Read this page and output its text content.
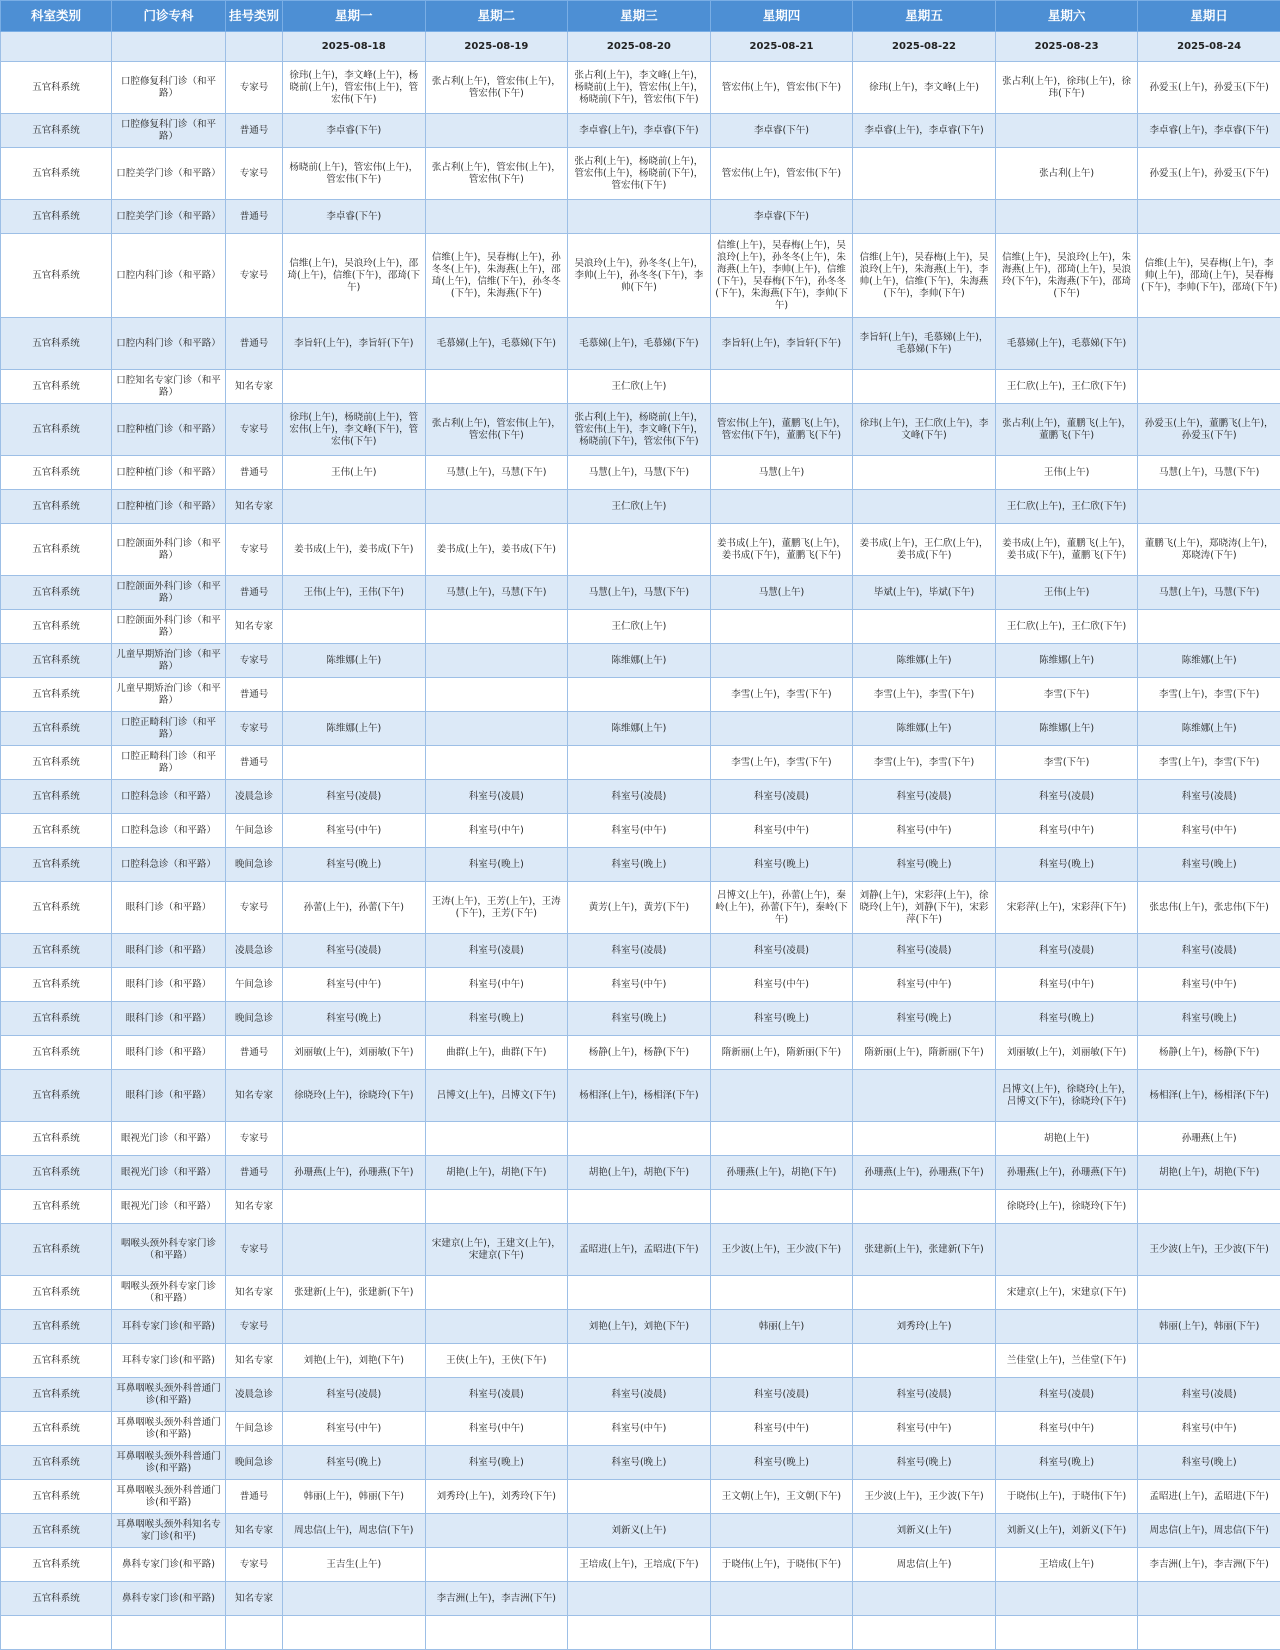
科室类别	门诊专科	挂号类别	星期一	星期二	星期三	星期四	星期五	星期六	星期日
			2025-08-18	2025-08-19	2025-08-20	2025-08-21	2025-08-22	2025-08-23	2025-08-24
五官科系统	口腔修复科门诊（和平路）	专家号	徐玮(上午)，李文峰(上午)，杨晓前(上午)，管宏伟(上午)，管宏伟(下午)	张占利(上午)，管宏伟(上午)，管宏伟(下午)	张占利(上午)，李文峰(上午)，杨晓前(上午)，管宏伟(上午)，杨晓前(下午)，管宏伟(下午)	管宏伟(上午)，管宏伟(下午)	徐玮(上午)，李文峰(上午)	张占利(上午)，徐玮(上午)，徐玮(下午)	孙爱玉(上午)，孙爱玉(下午)
五官科系统	口腔修复科门诊（和平路）	普通号	李卓睿(下午)		李卓睿(上午)，李卓睿(下午)	李卓睿(下午)	李卓睿(上午)，李卓睿(下午)		李卓睿(上午)，李卓睿(下午)
五官科系统	口腔美学门诊（和平路）	专家号	杨晓前(上午)，管宏伟(上午)，管宏伟(下午)	张占利(上午)，管宏伟(上午)，管宏伟(下午)	张占利(上午)，杨晓前(上午)，管宏伟(上午)，杨晓前(下午)，管宏伟(下午)	管宏伟(上午)，管宏伟(下午)		张占利(上午)	孙爱玉(上午)，孙爱玉(下午)
五官科系统	口腔美学门诊（和平路）	普通号	李卓睿(下午)			李卓睿(下午)			
五官科系统	口腔内科门诊（和平路）	专家号	信维(上午)，吴浪玲(上午)，邵琦(上午)，信维(下午)，邵琦(下午)	信维(上午)，吴春梅(上午)，孙冬冬(上午)，朱海燕(上午)，邵琦(上午)，信维(下午)，孙冬冬(下午)，朱海燕(下午)	吴浪玲(上午)，孙冬冬(上午)，李帅(上午)，孙冬冬(下午)，李帅(下午)	信维(上午)，吴春梅(上午)，吴浪玲(上午)，孙冬冬(上午)，朱海燕(上午)，李帅(上午)，信维(下午)，吴春梅(下午)，孙冬冬(下午)，朱海燕(下午)，李帅(下午)	信维(上午)，吴春梅(上午)，吴浪玲(上午)，朱海燕(上午)，李帅(上午)，信维(下午)，朱海燕(下午)，李帅(下午)	信维(上午)，吴浪玲(上午)，朱海燕(上午)，邵琦(上午)，吴浪玲(下午)，朱海燕(下午)，邵琦(下午)	信维(上午)，吴春梅(上午)，李帅(上午)，邵琦(上午)，吴春梅(下午)，李帅(下午)，邵琦(下午)
五官科系统	口腔内科门诊（和平路）	普通号	李旨轩(上午)，李旨轩(下午)	毛慕娣(上午)，毛慕娣(下午)	毛慕娣(上午)，毛慕娣(下午)	李旨轩(上午)，李旨轩(下午)	李旨轩(上午)，毛慕娣(上午)，毛慕娣(下午)	毛慕娣(上午)，毛慕娣(下午)	
五官科系统	口腔知名专家门诊（和平路）	知名专家			王仁欣(上午)			王仁欣(上午)，王仁欣(下午)	
五官科系统	口腔种植门诊（和平路）	专家号	徐玮(上午)，杨晓前(上午)，管宏伟(上午)，李文峰(下午)，管宏伟(下午)	张占利(上午)，管宏伟(上午)，管宏伟(下午)	张占利(上午)，杨晓前(上午)，管宏伟(上午)，李文峰(下午)，杨晓前(下午)，管宏伟(下午)	管宏伟(上午)，董鹏飞(上午)，管宏伟(下午)，董鹏飞(下午)	徐玮(上午)，王仁欣(上午)，李文峰(下午)	张占利(上午)，董鹏飞(上午)，董鹏飞(下午)	孙爱玉(上午)，董鹏飞(上午)，孙爱玉(下午)
五官科系统	口腔种植门诊（和平路）	普通号	王伟(上午)	马慧(上午)，马慧(下午)	马慧(上午)，马慧(下午)	马慧(上午)		王伟(上午)	马慧(上午)，马慧(下午)
五官科系统	口腔种植门诊（和平路）	知名专家			王仁欣(上午)			王仁欣(上午)，王仁欣(下午)	
五官科系统	口腔颌面外科门诊（和平路）	专家号	姜书成(上午)，姜书成(下午)	姜书成(上午)，姜书成(下午)		姜书成(上午)，董鹏飞(上午)，姜书成(下午)，董鹏飞(下午)	姜书成(上午)，王仁欣(上午)，姜书成(下午)	姜书成(上午)，董鹏飞(上午)，姜书成(下午)，董鹏飞(下午)	董鹏飞(上午)，郑晓涛(上午)，郑晓涛(下午)
五官科系统	口腔颌面外科门诊（和平路）	普通号	王伟(上午)，王伟(下午)	马慧(上午)，马慧(下午)	马慧(上午)，马慧(下午)	马慧(上午)	毕斌(上午)，毕斌(下午)	王伟(上午)	马慧(上午)，马慧(下午)
五官科系统	口腔颌面外科门诊（和平路）	知名专家			王仁欣(上午)			王仁欣(上午)，王仁欣(下午)	
五官科系统	儿童早期矫治门诊（和平路）	专家号	陈维娜(上午)		陈维娜(上午)		陈维娜(上午)	陈维娜(上午)	陈维娜(上午)
五官科系统	儿童早期矫治门诊（和平路）	普通号				李雪(上午)，李雪(下午)	李雪(上午)，李雪(下午)	李雪(下午)	李雪(上午)，李雪(下午)
五官科系统	口腔正畸科门诊（和平路）	专家号	陈维娜(上午)		陈维娜(上午)		陈维娜(上午)	陈维娜(上午)	陈维娜(上午)
五官科系统	口腔正畸科门诊（和平路）	普通号				李雪(上午)，李雪(下午)	李雪(上午)，李雪(下午)	李雪(下午)	李雪(上午)，李雪(下午)
五官科系统	口腔科急诊（和平路）	凌晨急诊	科室号(凌晨)	科室号(凌晨)	科室号(凌晨)	科室号(凌晨)	科室号(凌晨)	科室号(凌晨)	科室号(凌晨)
五官科系统	口腔科急诊（和平路）	午间急诊	科室号(中午)	科室号(中午)	科室号(中午)	科室号(中午)	科室号(中午)	科室号(中午)	科室号(中午)
五官科系统	口腔科急诊（和平路）	晚间急诊	科室号(晚上)	科室号(晚上)	科室号(晚上)	科室号(晚上)	科室号(晚上)	科室号(晚上)	科室号(晚上)
五官科系统	眼科门诊（和平路）	专家号	孙蕾(上午)，孙蕾(下午)	王涛(上午)，王芳(上午)，王涛(下午)，王芳(下午)	黄芳(上午)，黄芳(下午)	吕博文(上午)，孙蕾(上午)，秦岭(上午)，孙蕾(下午)，秦岭(下午)	刘静(上午)，宋彩萍(上午)，徐晓玲(上午)，刘静(下午)，宋彩萍(下午)	宋彩萍(上午)，宋彩萍(下午)	张忠伟(上午)，张忠伟(下午)
五官科系统	眼科门诊（和平路）	凌晨急诊	科室号(凌晨)	科室号(凌晨)	科室号(凌晨)	科室号(凌晨)	科室号(凌晨)	科室号(凌晨)	科室号(凌晨)
五官科系统	眼科门诊（和平路）	午间急诊	科室号(中午)	科室号(中午)	科室号(中午)	科室号(中午)	科室号(中午)	科室号(中午)	科室号(中午)
五官科系统	眼科门诊（和平路）	晚间急诊	科室号(晚上)	科室号(晚上)	科室号(晚上)	科室号(晚上)	科室号(晚上)	科室号(晚上)	科室号(晚上)
五官科系统	眼科门诊（和平路）	普通号	刘丽敏(上午)，刘丽敏(下午)	曲群(上午)，曲群(下午)	杨静(上午)，杨静(下午)	隋新丽(上午)，隋新丽(下午)	隋新丽(上午)，隋新丽(下午)	刘丽敏(上午)，刘丽敏(下午)	杨静(上午)，杨静(下午)
五官科系统	眼科门诊（和平路）	知名专家	徐晓玲(上午)，徐晓玲(下午)	吕博文(上午)，吕博文(下午)	杨相泽(上午)，杨相泽(下午)			吕博文(上午)，徐晓玲(上午)，吕博文(下午)，徐晓玲(下午)	杨相泽(上午)，杨相泽(下午)
五官科系统	眼视光门诊（和平路）	专家号						胡艳(上午)	孙珊燕(上午)
五官科系统	眼视光门诊（和平路）	普通号	孙珊燕(上午)，孙珊燕(下午)	胡艳(上午)，胡艳(下午)	胡艳(上午)，胡艳(下午)	孙珊燕(上午)，胡艳(下午)	孙珊燕(上午)，孙珊燕(下午)	孙珊燕(上午)，孙珊燕(下午)	胡艳(上午)，胡艳(下午)
五官科系统	眼视光门诊（和平路）	知名专家						徐晓玲(上午)，徐晓玲(下午)	
五官科系统	咽喉头颈外科专家门诊（和平路）	专家号		宋建京(上午)，王建文(上午)，宋建京(下午)	孟昭进(上午)，孟昭进(下午)	王少波(上午)，王少波(下午)	张建新(上午)，张建新(下午)		王少波(上午)，王少波(下午)
五官科系统	咽喉头颈外科专家门诊（和平路）	知名专家	张建新(上午)，张建新(下午)					宋建京(上午)，宋建京(下午)	
五官科系统	耳科专家门诊(和平路)	专家号			刘艳(上午)，刘艳(下午)	韩丽(上午)	刘秀玲(上午)		韩丽(上午)，韩丽(下午)
五官科系统	耳科专家门诊(和平路)	知名专家	刘艳(上午)，刘艳(下午)	王侠(上午)，王侠(下午)				兰佳堂(上午)，兰佳堂(下午)	
五官科系统	耳鼻咽喉头颈外科普通门诊(和平路)	凌晨急诊	科室号(凌晨)	科室号(凌晨)	科室号(凌晨)	科室号(凌晨)	科室号(凌晨)	科室号(凌晨)	科室号(凌晨)
五官科系统	耳鼻咽喉头颈外科普通门诊(和平路)	午间急诊	科室号(中午)	科室号(中午)	科室号(中午)	科室号(中午)	科室号(中午)	科室号(中午)	科室号(中午)
五官科系统	耳鼻咽喉头颈外科普通门诊(和平路)	晚间急诊	科室号(晚上)	科室号(晚上)	科室号(晚上)	科室号(晚上)	科室号(晚上)	科室号(晚上)	科室号(晚上)
五官科系统	耳鼻咽喉头颈外科普通门诊(和平路)	普通号	韩丽(上午)，韩丽(下午)	刘秀玲(上午)，刘秀玲(下午)		王文朝(上午)，王文朝(下午)	王少波(上午)，王少波(下午)	于晓伟(上午)，于晓伟(下午)	孟昭进(上午)，孟昭进(下午)
五官科系统	耳鼻咽喉头颈外科知名专家门诊(和平)	知名专家	周忠信(上午)，周忠信(下午)		刘新义(上午)		刘新义(上午)	刘新义(上午)，刘新义(下午)	周忠信(上午)，周忠信(下午)
五官科系统	鼻科专家门诊(和平路)	专家号	王吉生(上午)		王培成(上午)，王培成(下午)	于晓伟(上午)，于晓伟(下午)	周忠信(上午)	王培成(上午)	李吉洲(上午)，李吉洲(下午)
五官科系统	鼻科专家门诊(和平路)	知名专家		李吉洲(上午)，李吉洲(下午)					
